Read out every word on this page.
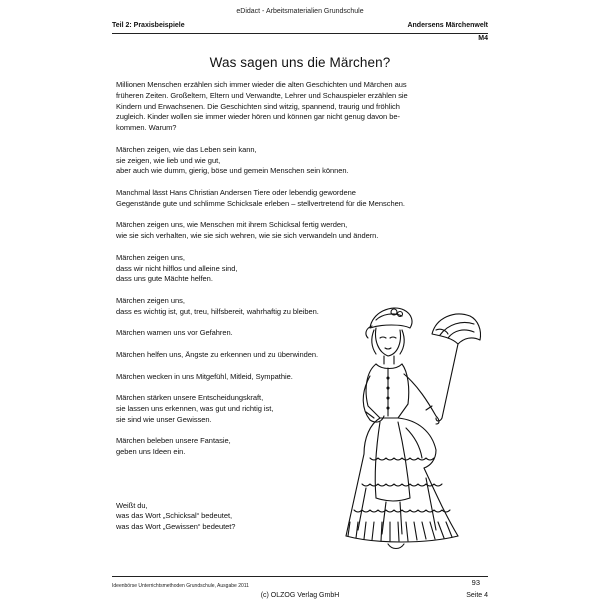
eDidact - Arbeitsmaterialien Grundschule
Teil 2: Praxisbeispiele	Andersens Märchenwelt
M4
Was sagen uns die Märchen?

Millionen Menschen erzählen sich immer wieder die alten Geschichten und Märchen aus
früheren Zeiten. Großeltern, Eltern und Verwandte, Lehrer und Schauspieler erzählen sie
Kindern und Erwachsenen. Die Geschichten sind witzig, spannend, traurig und fröhlich
zugleich. Kinder wollen sie immer wieder hören und können gar nicht genug davon be-
kommen. Warum?

Märchen zeigen, wie das Leben sein kann,
sie zeigen, wie lieb und wie gut,
aber auch wie dumm, gierig, böse und gemein Menschen sein können.

Manchmal lässt Hans Christian Andersen Tiere oder lebendig gewordene
Gegenstände gute und schlimme Schicksale erleben – stellvertretend für die Menschen.

Märchen zeigen uns, wie Menschen mit ihrem Schicksal fertig werden,
wie sie sich verhalten, wie sie sich wehren, wie sie sich verwandeln und ändern.

Märchen zeigen uns,
dass wir nicht hilflos und alleine sind,
dass uns gute Mächte helfen.

Märchen zeigen uns,
dass es wichtig ist, gut, treu, hilfsbereit, wahrhaftig zu bleiben.

Märchen warnen uns vor Gefahren.

Märchen helfen uns, Ängste zu erkennen und zu überwinden.

Märchen wecken in uns Mitgefühl, Mitleid, Sympathie.

Märchen stärken unsere Entscheidungskraft,
sie lassen uns erkennen, was gut und richtig ist,
sie sind wie unser Gewissen.

Märchen beleben unsere Fantasie,
geben uns Ideen ein.

Weißt du,
was das Wort „Schicksal“ bedeutet,
was das Wort „Gewissen“ bedeutet?

Ideenbörse Unterrichtsmethoden Grundschule, Ausgabe 2011	93
(c) OLZOG Verlag GmbH	Seite 4
